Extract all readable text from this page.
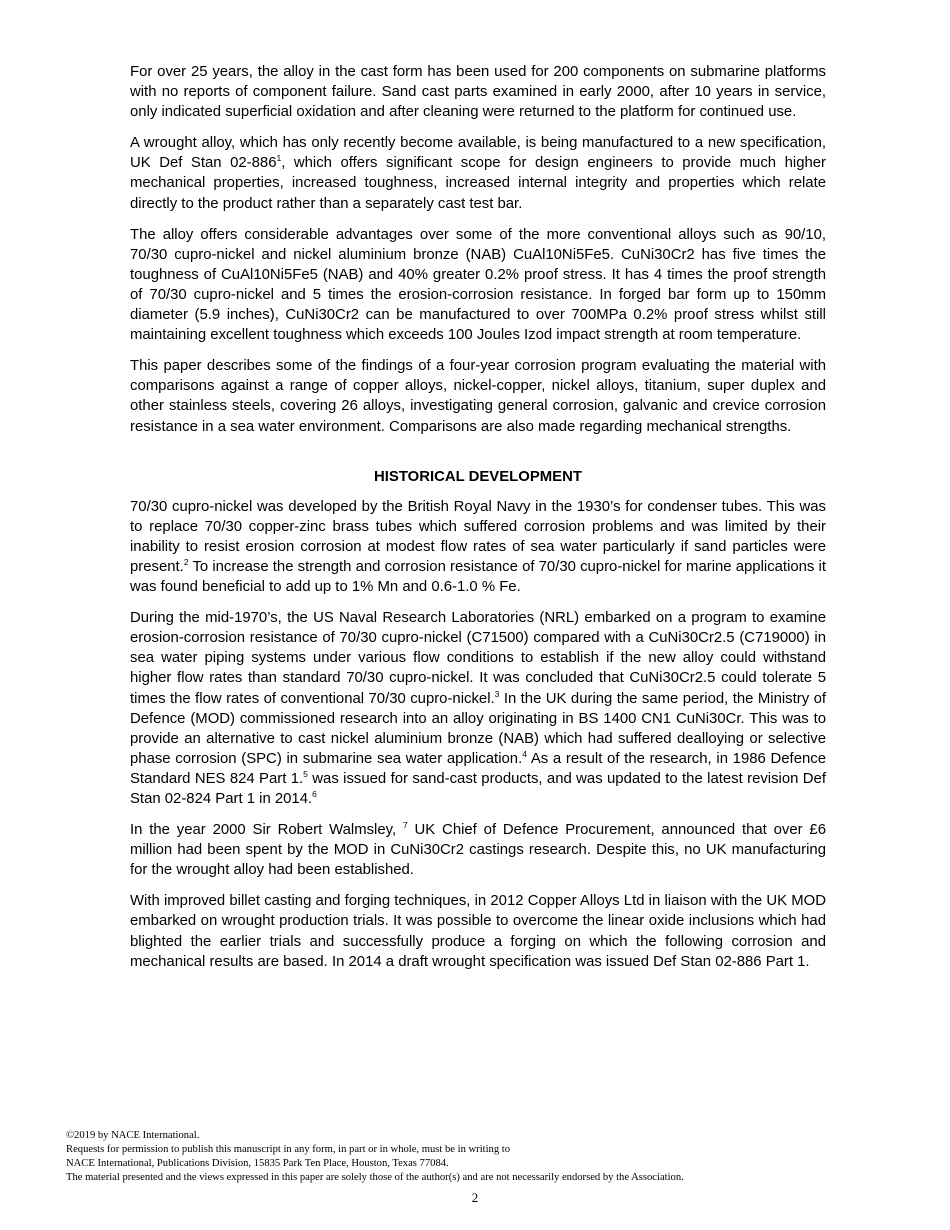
For over 25 years, the alloy in the cast form has been used for 200 components on submarine platforms with no reports of component failure. Sand cast parts examined in early 2000, after 10 years in service, only indicated superficial oxidation and after cleaning were returned to the platform for continued use.

A wrought alloy, which has only recently become available, is being manufactured to a new specification, UK Def Stan $02-886^1$, which offers significant scope for design engineers to provide much higher mechanical properties, increased toughness, increased internal integrity and properties which relate directly to the product rather than a separately cast test bar.

The alloy offers considerable advantages over some of the more conventional alloys such as 90/10, 70/30 cupro-nickel and nickel aluminium bronze (NAB) CuAl10Ni5Fe5. CuNi30Cr2 has five times the toughness of CuAl10Ni5Fe5 (NAB) and 40% greater 0.2% proof stress. It has 4 times the proof strength of 70/30 cupro-nickel and 5 times the erosion-corrosion resistance. In forged bar form up to 150mm diameter (5.9 inches), CuNi30Cr2 can be manufactured to over 700MPa 0.2% proof stress whilst still maintaining excellent toughness which exceeds 100 Joules Izod impact strength at room temperature.

This paper describes some of the findings of a four-year corrosion program evaluating the material with comparisons against a range of copper alloys, nickel-copper, nickel alloys, titanium, super duplex and other stainless steels, covering 26 alloys, investigating general corrosion, galvanic and crevice corrosion resistance in a sea water environment. Comparisons are also made regarding mechanical strengths.

HISTORICAL DEVELOPMENT

70/30 cupro-nickel was developed by the British Royal Navy in the 1930’s for condenser tubes. This was to replace 70/30 copper-zinc brass tubes which suffered corrosion problems and was limited by their inability to resist erosion corrosion at modest flow rates of sea water particularly if sand particles were present.$^2$ To increase the strength and corrosion resistance of 70/30 cupro-nickel for marine applications it was found beneficial to add up to 1% Mn and 0.6-1.0 % Fe.

During the mid-1970’s, the US Naval Research Laboratories (NRL) embarked on a program to examine erosion-corrosion resistance of 70/30 cupro-nickel (C71500) compared with a CuNi30Cr2.5 (C719000) in sea water piping systems under various flow conditions to establish if the new alloy could withstand higher flow rates than standard 70/30 cupro-nickel. It was concluded that CuNi30Cr2.5 could tolerate 5 times the flow rates of conventional 70/30 cupro-nickel.$^3$ In the UK during the same period, the Ministry of Defence (MOD) commissioned research into an alloy originating in BS 1400 CN1 CuNi30Cr. This was to provide an alternative to cast nickel aluminium bronze (NAB) which had suffered dealloying or selective phase corrosion (SPC) in submarine sea water application.$^4$ As a result of the research, in 1986 Defence Standard NES 824 Part 1.$^5$ was issued for sand-cast products, and was updated to the latest revision Def Stan 02-824 Part 1 in 2014.$^6$

In the year 2000 Sir Robert Walmsley, $^7$ UK Chief of Defence Procurement, announced that over £6 million had been spent by the MOD in CuNi30Cr2 castings research. Despite this, no UK manufacturing for the wrought alloy had been established.

With improved billet casting and forging techniques, in 2012 Copper Alloys Ltd in liaison with the UK MOD embarked on wrought production trials. It was possible to overcome the linear oxide inclusions which had blighted the earlier trials and successfully produce a forging on which the following corrosion and mechanical results are based. In 2014 a draft wrought specification was issued Def Stan 02-886 Part 1.

©2019 by NACE International.
Requests for permission to publish this manuscript in any form, in part or in whole, must be in writing to
NACE International, Publications Division, 15835 Park Ten Place, Houston, Texas 77084.
The material presented and the views expressed in this paper are solely those of the author(s) and are not necessarily endorsed by the Association.
2
